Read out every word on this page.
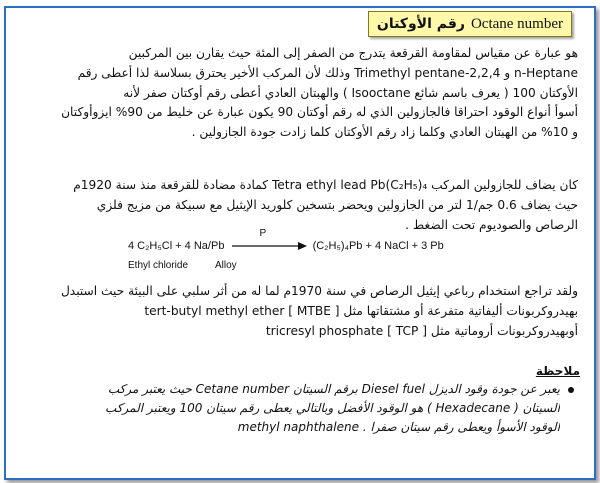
رقم الأوكتان Octane number

هو عبارة عن مقياس لمقاومة القرقعة يتدرج من الصفر إلى المئة حيث يقارن بين المركبين

n-Heptane و 2,2,4-Trimethyl pentane وذلك لأن المركب الأخير يحترق بسلاسة لذا أعطى رقم

الأوكتان 100 ( يعرف باسم شائع Isooctane ) والهبتان العادي أعطى رقم أوكتان صفر لأنه

أسوأ أنواع الوقود احتراقا فالجازولين الذي له رقم أوكتان 90 يكون عبارة عن خليط من 90% ايزوأوكتان

و 10% من الهبتان العادي وكلما زاد رقم الأوكتان كلما زادت جودة الجازولين .

كان يضاف للجازولين المركب Tetra ethyl lead Pb(C₂H₅)₄ كمادة مضادة للقرقعة منذ سنة 1920م

حيث يضاف 0.6 جم/1 لتر من الجازولين ويحضر بتسخين كلوريد الإيثيل مع سبيكة من مزيج فلزي

الرصاص والصوديوم تحت الضغط .

4 C₂H₅Cl + 4 Na/Pb
P
(C₂H₅)₄Pb + 4 NaCl + 3 Pb
Ethyl chloride	Alloy

ولقد تراجع استخدام رباعي إيثيل الرصاص في سنة 1970م لما له من أثر سلبي على البيئة حيث استبدل

بهيدروكربونات أليفاتية متفرعة أو مشتقاتها مثل [ tert-butyl methyl ether [ MTBE

أوبهيدروكربونات أروماتية مثل [ tricresyl phosphate [ TCP

ملاحظة

يعبر عن جودة وقود الديزل Diesel fuel برقم السيتان Cetane number حيث يعتبر مركب

السيتان ( Hexadecane ) هو الوقود الأفضل وبالتالي يعطى رقم سيتان 100 ويعتبر المركب

الوقود الأسوأ ويعطى رقم سيتان صفرا . methyl naphthalene
